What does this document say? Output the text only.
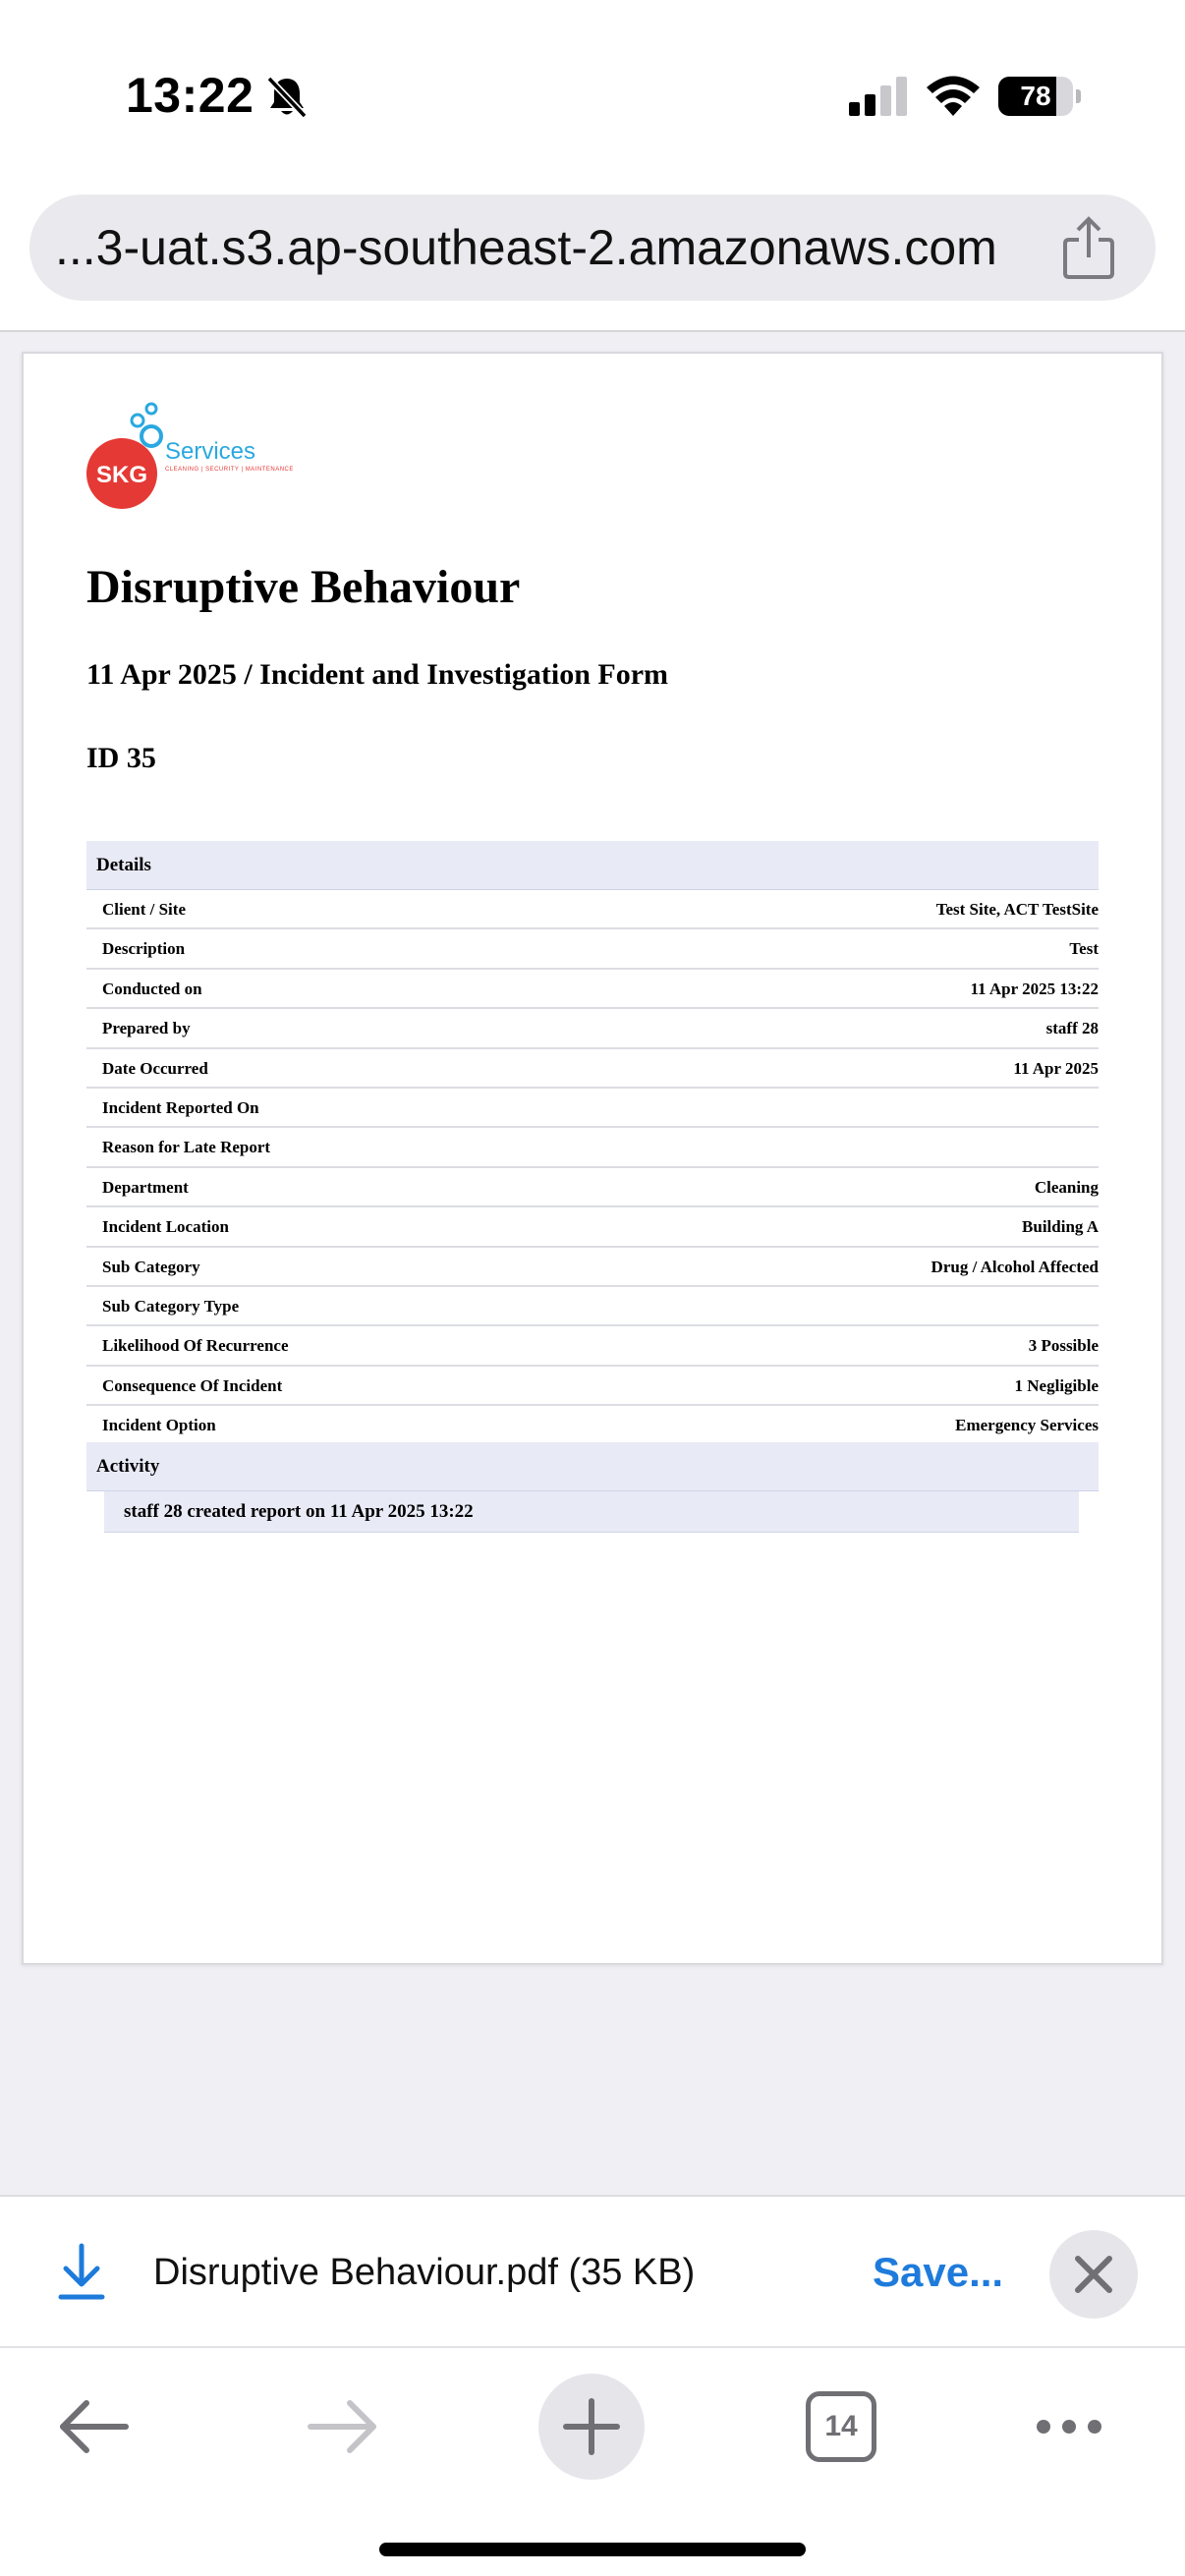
13:22	78
...3-uat.s3.ap-southeast-2.amazonaws.com
SKG
Services
CLEANING | SECURITY | MAINTENANCE
Disruptive Behaviour
11 Apr 2025 / Incident and Investigation Form
ID 35
Details
Client / Site	Test Site, ACT TestSite
Description	Test
Conducted on	11 Apr 2025 13:22
Prepared by	staff 28
Date Occurred	11 Apr 2025
Incident Reported On
Reason for Late Report
Department	Cleaning
Incident Location	Building A
Sub Category	Drug / Alcohol Affected
Sub Category Type
Likelihood Of Recurrence	3 Possible
Consequence Of Incident	1 Negligible
Incident Option	Emergency Services
Activity
staff 28 created report on 11 Apr 2025 13:22
Disruptive Behaviour.pdf (35 KB)	Save...
14
